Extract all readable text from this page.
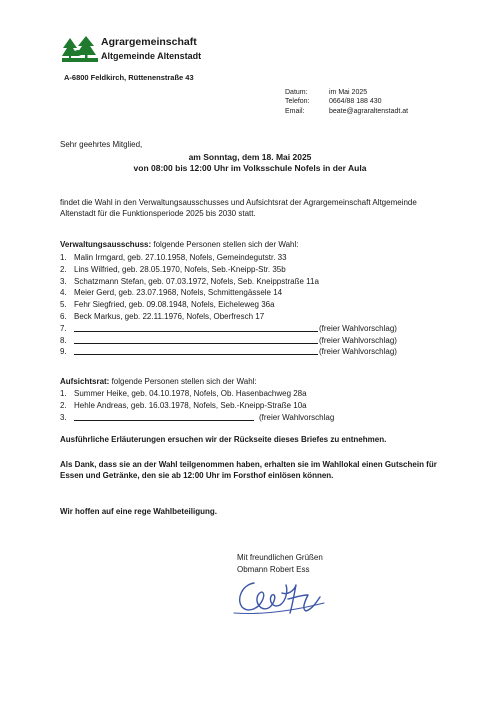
Agrargemeinschaft
Altgemeinde Altenstadt
A-6800 Feldkirch, Rüttenenstraße 43
Datum:	im Mai 2025
Telefon:	0664/88 188 430
Email:	beate@agraraltenstadt.at
Sehr geehrtes Mitglied,
am Sonntag, dem 18. Mai 2025
von 08:00 bis 12:00 Uhr im Volksschule Nofels in der Aula
findet die Wahl in den Verwaltungsausschusses und Aufsichtsrat der Agrargemeinschaft Altgemeinde Altenstadt für die Funktionsperiode 2025 bis 2030 statt.
Verwaltungsausschuss: folgende Personen stellen sich der Wahl:
1. Malin Irmgard, geb. 27.10.1958, Nofels, Gemeindegutstr. 33
2. Lins Wilfried, geb. 28.05.1970, Nofels, Seb.-Kneipp-Str. 35b
3. Schatzmann Stefan, geb. 07.03.1972, Nofels, Seb. Kneippstraße 11a
4. Meier Gerd, geb. 23.07.1968, Nofels, Schmittengässele 14
5. Fehr Siegfried, geb. 09.08.1948, Nofels, Eicheleweg 36a
6. Beck Markus, geb. 22.11.1976, Nofels, Oberfresch 17
7.	(freier Wahlvorschlag)
8.	(freier Wahlvorschlag)
9.	(freier Wahlvorschlag)
Aufsichtsrat: folgende Personen stellen sich der Wahl:
1. Summer Heike, geb. 04.10.1978, Nofels, Ob. Hasenbachweg 28a
2. Hehle Andreas, geb. 16.03.1978, Nofels, Seb.-Kneipp-Straße 10a
3.	(freier Wahlvorschlag
Ausführliche Erläuterungen ersuchen wir der Rückseite dieses Briefes zu entnehmen.
Als Dank, dass sie an der Wahl teilgenommen haben, erhalten sie im Wahllokal einen Gutschein für Essen und Getränke, den sie ab 12:00 Uhr im Forsthof einlösen können.
Wir hoffen auf eine rege Wahlbeteiligung.
Mit freundlichen Grüßen
Obmann Robert Ess
